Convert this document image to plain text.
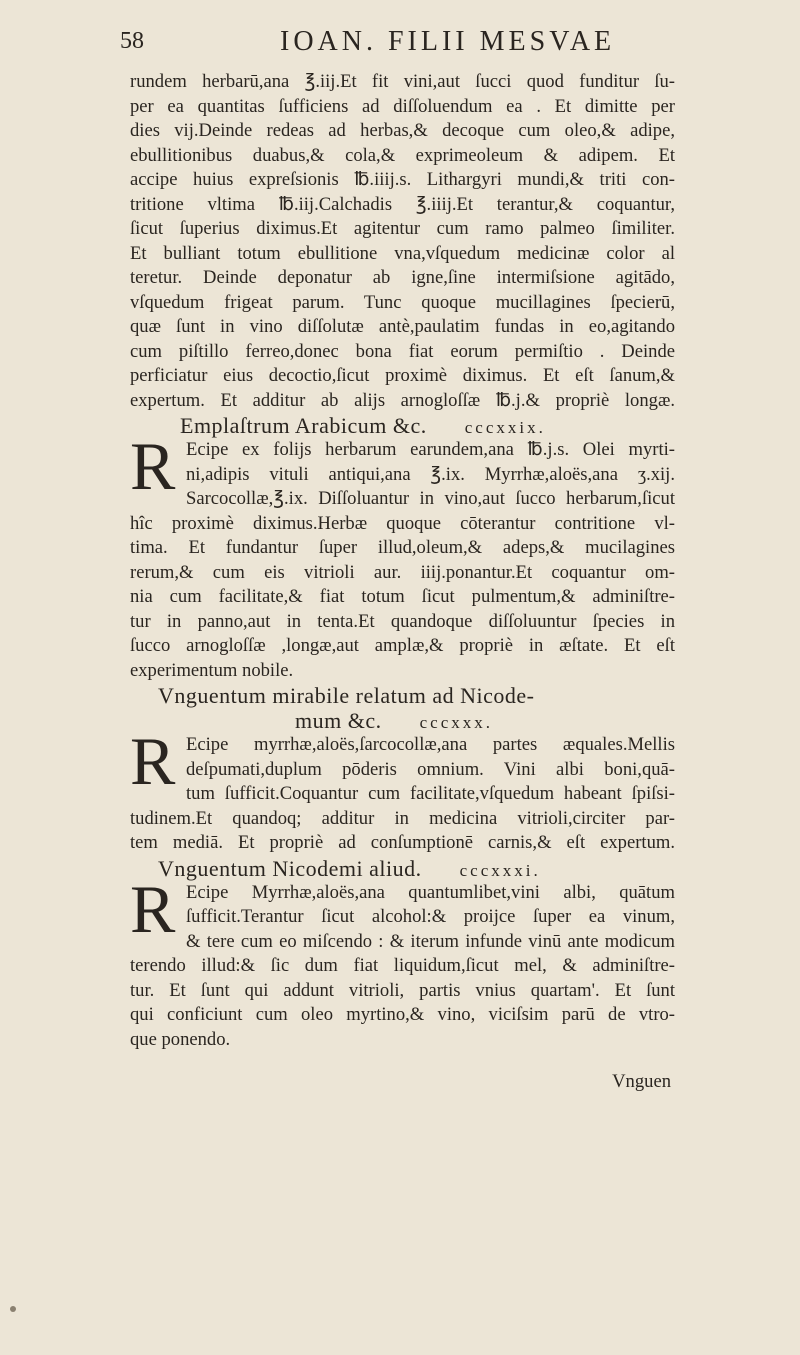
58	IOAN. FILII MESVAE
rundem herbarū,ana ℥.iij.Et fit vini,aut ſucci quod funditur ſu-
per ea quantitas ſufficiens ad diſſoluendum ea . Et dimitte per
dies vij.Deinde redeas ad herbas,& decoque cum oleo,& adipe,
ebullitionibus duabus,& cola,& exprimeoleum & adipem. Et
accipe huius expreſsionis ℔.iiij.s. Lithargyri mundi,& triti con-
tritione vltima ℔.iij.Calchadis ℥.iiij.Et terantur,& coquantur,
ſicut ſuperius diximus.Et agitentur cum ramo palmeo ſimiliter.
Et bulliant totum ebullitione vna,vſquedum medicinæ color al
teretur. Deinde deponatur ab igne,ſine intermiſsione agitādo,
vſquedum frigeat parum. Tunc quoque mucillagines ſpecierū,
quæ ſunt in vino diſſolutæ antè,paulatim fundas in eo,agitando
cum piſtillo ferreo,donec bona fiat eorum permiſtio . Deinde
perficiatur eius decoctio,ſicut proximè diximus. Et eſt ſanum,&
expertum. Et additur ab alijs arnogloſſæ ℔.j.& propriè longæ.
Emplaſtrum Arabicum &c. cccxxix.
R Ecipe ex folijs herbarum earundem,ana ℔.j.s. Olei myrti-
ni,adipis vituli antiqui,ana ℥.ix. Myrrhæ,aloës,ana ʒ.xij.
Sarcocollæ,℥.ix. Diſſoluantur in vino,aut ſucco herbarum,ſicut
hîc proximè diximus.Herbæ quoque cōterantur contritione vl-
tima. Et fundantur ſuper illud,oleum,& adeps,& mucilagines
rerum,& cum eis vitrioli aur. iiij.ponantur.Et coquantur om-
nia cum facilitate,& fiat totum ſicut pulmentum,& adminiſtre-
tur in panno,aut in tenta.Et quandoque diſſoluuntur ſpecies in
ſucco arnogloſſæ ,longæ,aut amplæ,& propriè in æſtate. Et eſt
experimentum nobile.
Vnguentum mirabile relatum ad Nicode-
mum &c. cccxxx.
R Ecipe myrrhæ,aloës,ſarcocollæ,ana partes æquales.Mellis
deſpumati,duplum pōderis omnium. Vini albi boni,quā-
tum ſufficit.Coquantur cum facilitate,vſquedum habeant ſpiſsi-
tudinem.Et quandoq; additur in medicina vitrioli,circiter par-
tem mediā. Et propriè ad conſumptionē carnis,& eſt expertum.
Vnguentum Nicodemi aliud. cccxxxi.
R Ecipe Myrrhæ,aloës,ana quantumlibet,vini albi, quātum
ſufficit.Terantur ſicut alcohol:& proijce ſuper ea vinum,
& tere cum eo miſcendo : & iterum infunde vinū ante modicum
terendo illud:& ſic dum fiat liquidum,ſicut mel, & adminiſtre-
tur. Et ſunt qui addunt vitrioli, partis vnius quartam'. Et ſunt
qui conficiunt cum oleo myrtino,& vino, viciſsim parū de vtro-
que ponendo.
Vnguen
